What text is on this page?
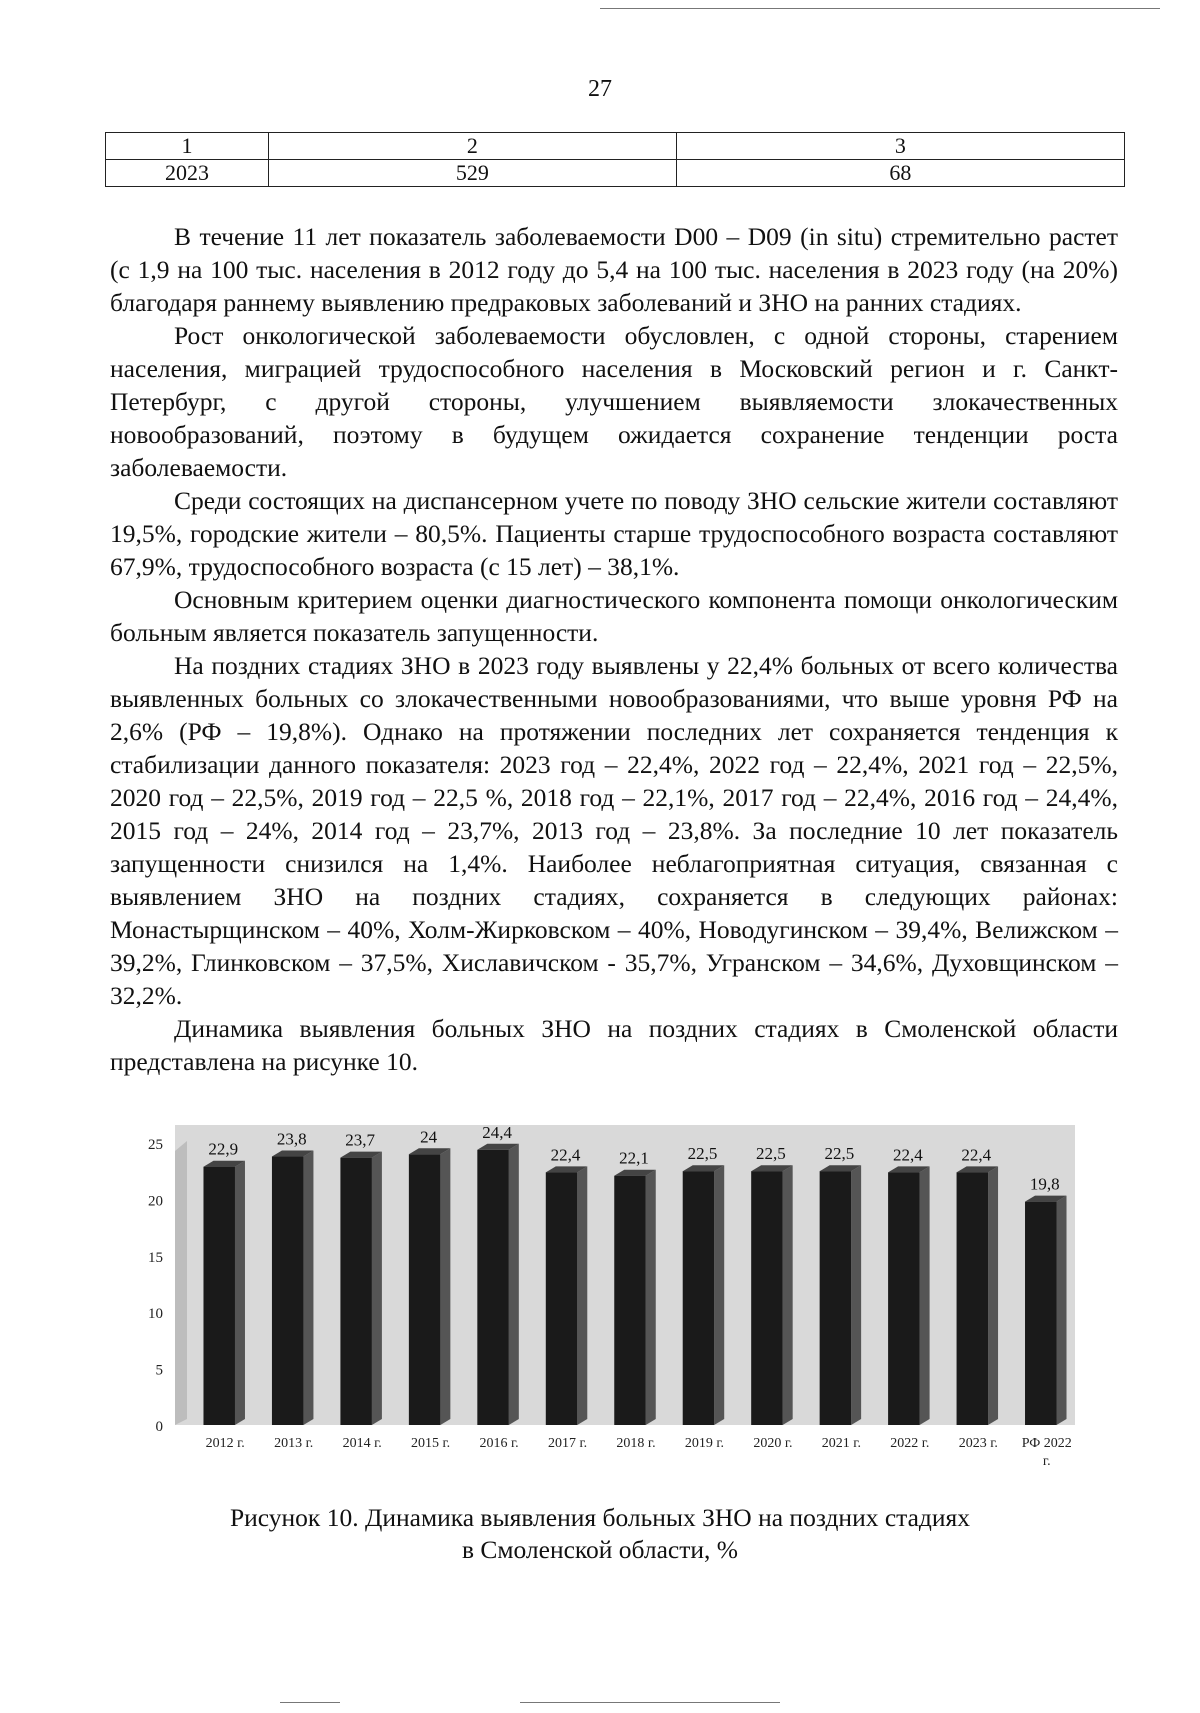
27
1	2	3
2023	529	68

В течение 11 лет показатель заболеваемости D00 – D09 (in situ) стремительно растет (с 1,9 на 100 тыс. населения в 2012 году до 5,4 на 100 тыс. населения в 2023 году (на 20%) благодаря раннему выявлению предраковых заболеваний и ЗНО на ранних стадиях.

Рост онкологической заболеваемости обусловлен, с одной стороны, старением населения, миграцией трудоспособного населения в Московский регион и г. Санкт-Петербург, с другой стороны, улучшением выявляемости злокачественных новообразований, поэтому в будущем ожидается сохранение тенденции роста заболеваемости.

Среди состоящих на диспансерном учете по поводу ЗНО сельские жители составляют 19,5%, городские жители – 80,5%. Пациенты старше трудоспособного возраста составляют 67,9%, трудоспособного возраста (с 15 лет) – 38,1%.

Основным критерием оценки диагностического компонента помощи онкологическим больным является показатель запущенности.

На поздних стадиях ЗНО в 2023 году выявлены у 22,4% больных от всего количества выявленных больных со злокачественными новообразованиями, что выше уровня РФ на 2,6% (РФ – 19,8%). Однако на протяжении последних лет сохраняется тенденция к стабилизации данного показателя: 2023 год – 22,4%, 2022 год – 22,4%, 2021 год – 22,5%, 2020 год – 22,5%, 2019 год – 22,5 %, 2018 год – 22,1%, 2017 год – 22,4%, 2016 год – 24,4%, 2015 год – 24%, 2014 год – 23,7%, 2013 год – 23,8%. За последние 10 лет показатель запущенности снизился на 1,4%. Наиболее неблагоприятная ситуация, связанная с выявлением ЗНО на поздних стадиях, сохраняется в следующих районах: Монастырщинском – 40%, Холм-Жирковском – 40%, Новодугинском – 39,4%, Велижском – 39,2%, Глинковском – 37,5%, Хиславичском - 35,7%, Угранском – 34,6%, Духовщинском – 32,2%.

Динамика выявления больных ЗНО на поздних стадиях в Смоленской области представлена на рисунке 10.

0
5
10
15
20
25	22,9
2012 г.
23,8
2013 г.
23,7
2014 г.
24
2015 г.
24,4
2016 г.
22,4
2017 г.
22,1
2018 г.
22,5
2019 г.
22,5
2020 г.
22,5
2021 г.
22,4
2022 г.
22,4
2023 г.
19,8
РФ 2022
г.
Рисунок 10. Динамика выявления больных ЗНО на поздних стадиях
в Смоленской области, %
